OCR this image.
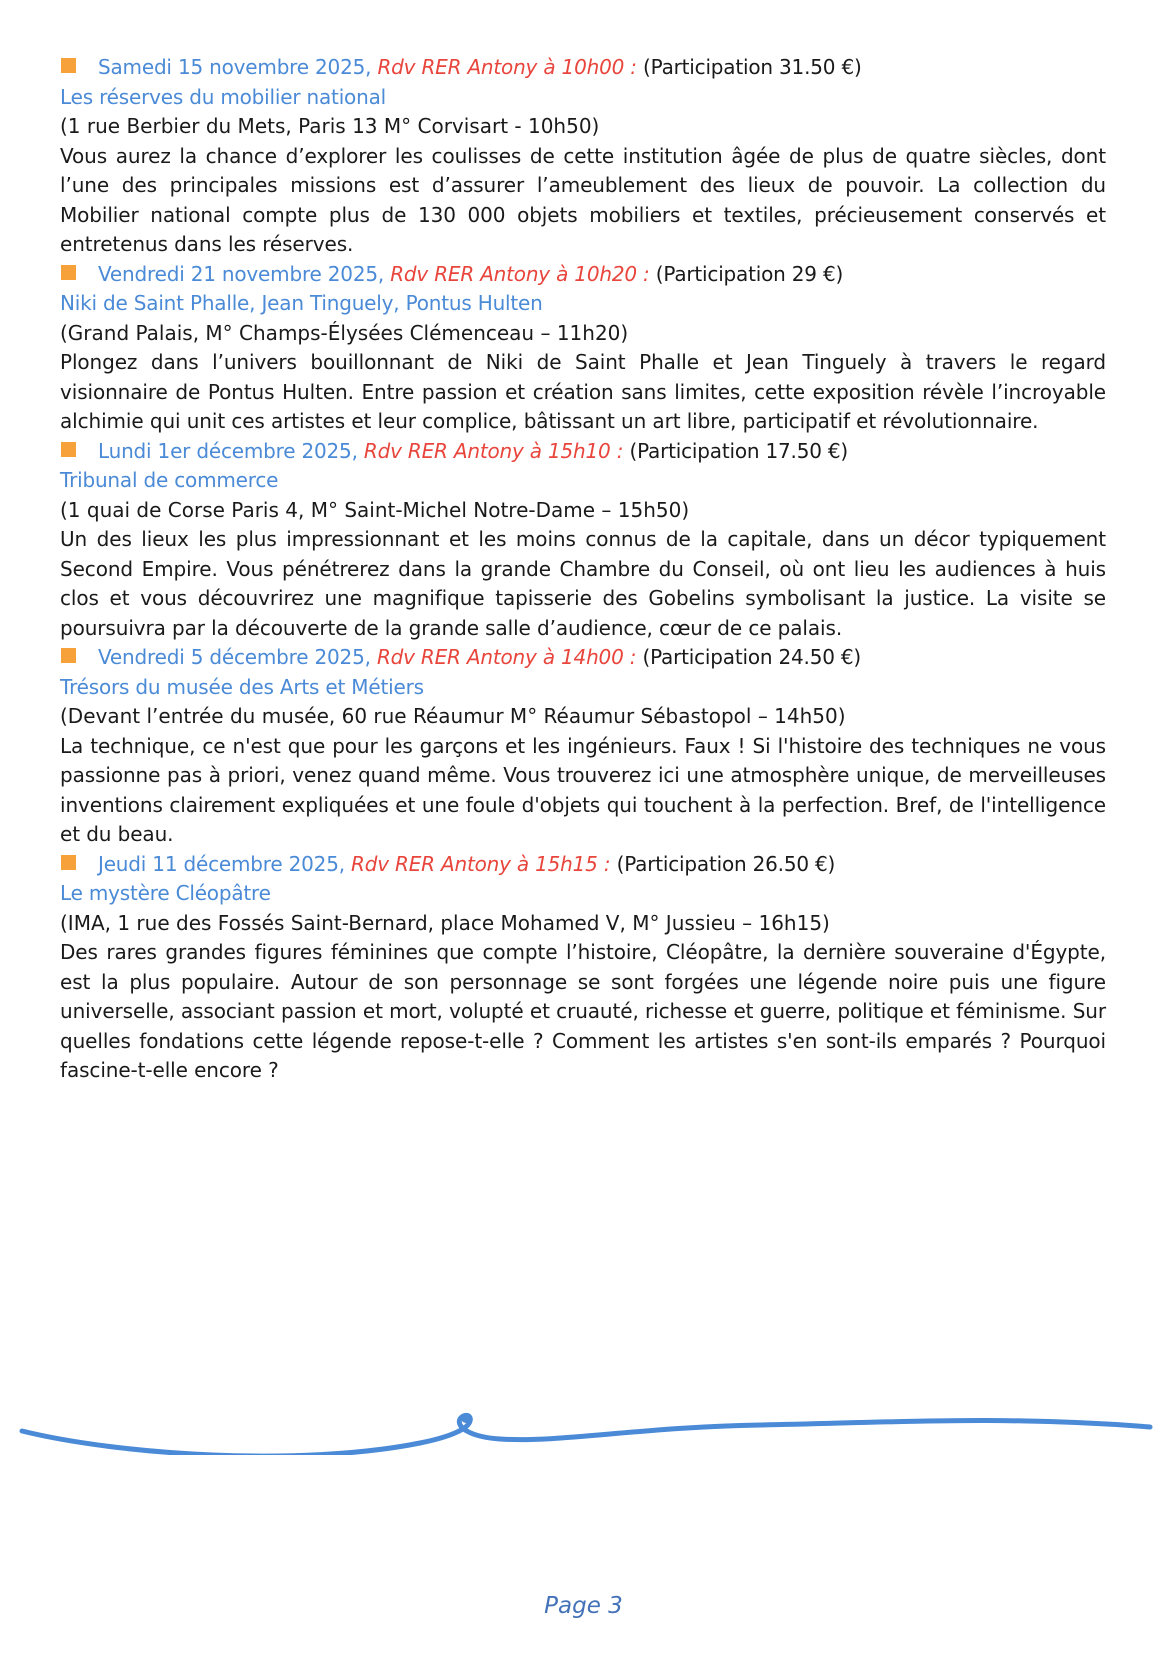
Samedi 15 novembre 2025, Rdv RER Antony à 10h00 : (Participation 31.50 €)

Les réserves du mobilier national

(1 rue Berbier du Mets, Paris 13 M° Corvisart - 10h50)

Vous aurez la chance d’explorer les coulisses de cette institution âgée de plus de quatre siècles, dont l’une des principales missions est d’assurer l’ameublement des lieux de pouvoir. La collection du Mobilier national compte plus de 130 000 objets mobiliers et textiles, précieusement conservés et entretenus dans les réserves.

Vendredi 21 novembre 2025, Rdv RER Antony à 10h20 : (Participation 29 €)

Niki de Saint Phalle, Jean Tinguely, Pontus Hulten

(Grand Palais, M° Champs-Élysées Clémenceau – 11h20)

Plongez dans l’univers bouillonnant de Niki de Saint Phalle et Jean Tinguely à travers le regard visionnaire de Pontus Hulten. Entre passion et création sans limites, cette exposition révèle l’incroyable alchimie qui unit ces artistes et leur complice, bâtissant un art libre, participatif et révolutionnaire.

Lundi 1er décembre 2025, Rdv RER Antony à 15h10 : (Participation 17.50 €)

Tribunal de commerce

(1 quai de Corse Paris 4, M° Saint-Michel Notre-Dame – 15h50)

Un des lieux les plus impressionnant et les moins connus de la capitale, dans un décor typiquement Second Empire. Vous pénétrerez dans la grande Chambre du Conseil, où ont lieu les audiences à huis clos et vous découvrirez une magnifique tapisserie des Gobelins symbolisant la justice. La visite se poursuivra par la découverte de la grande salle d’audience, cœur de ce palais.

Vendredi 5 décembre 2025, Rdv RER Antony à 14h00 : (Participation 24.50 €)

Trésors du musée des Arts et Métiers

(Devant l’entrée du musée, 60 rue Réaumur M° Réaumur Sébastopol – 14h50)

La technique, ce n'est que pour les garçons et les ingénieurs. Faux ! Si l'histoire des techniques ne vous passionne pas à priori, venez quand même. Vous trouverez ici une atmosphère unique, de merveilleuses inventions clairement expliquées et une foule d'objets qui touchent à la perfection. Bref, de l'intelligence et du beau.

Jeudi 11 décembre 2025, Rdv RER Antony à 15h15 : (Participation 26.50 €)

Le mystère Cléopâtre

(IMA, 1 rue des Fossés Saint-Bernard, place Mohamed V, M° Jussieu – 16h15)

Des rares grandes figures féminines que compte l’histoire, Cléopâtre, la dernière souveraine d'Égypte, est la plus populaire. Autour de son personnage se sont forgées une légende noire puis une figure universelle, associant passion et mort, volupté et cruauté, richesse et guerre, politique et féminisme. Sur quelles fondations cette légende repose-t-elle ? Comment les artistes s'en sont-ils emparés ? Pourquoi fascine-t-elle encore ?

Page 3
